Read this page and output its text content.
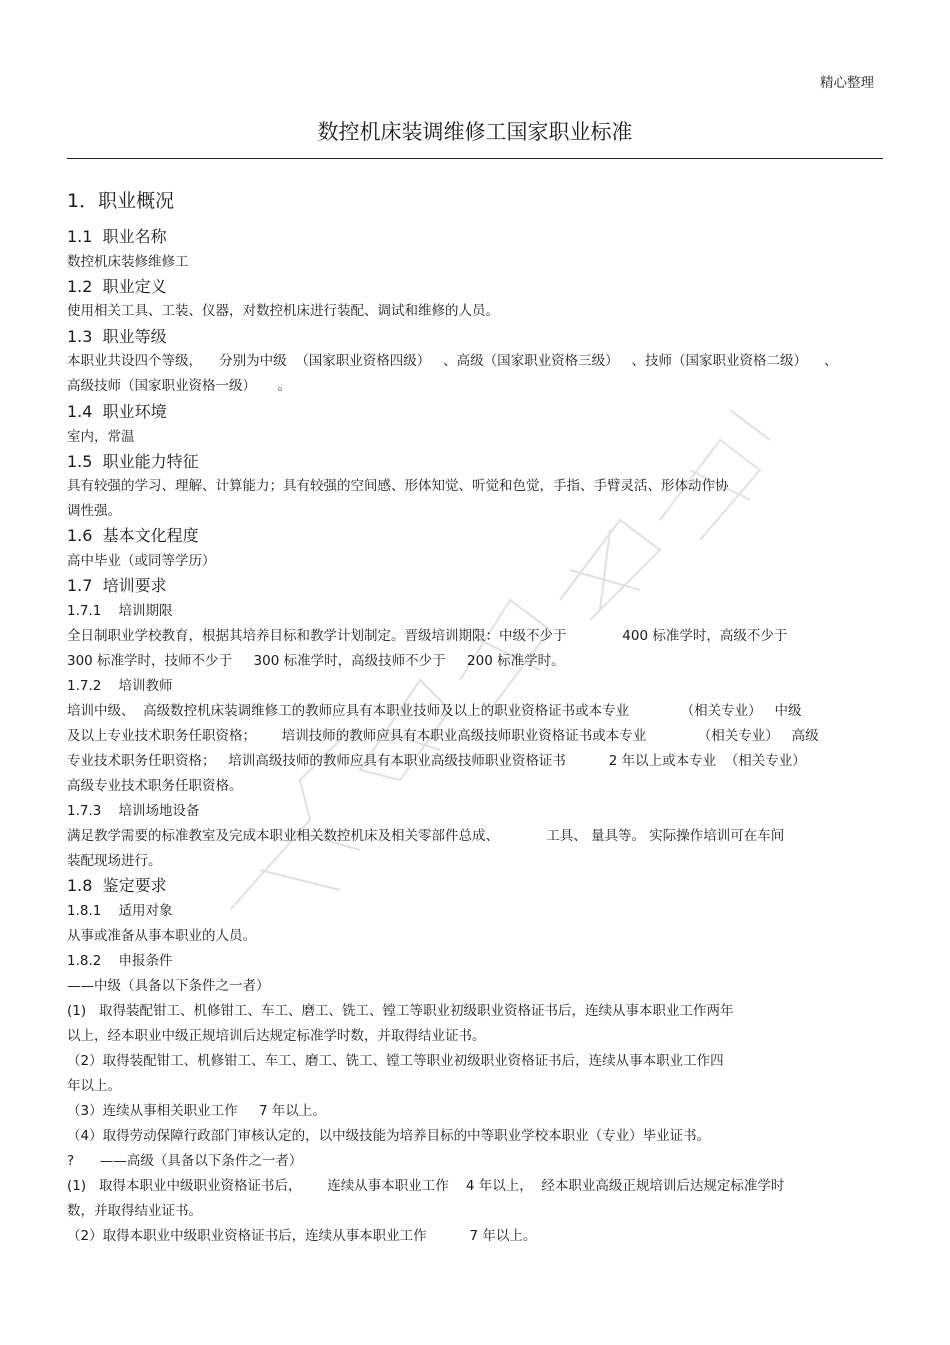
精心整理
数控机床装调维修工国家职业标准
1．职业概况
1.1  职业名称
数控机床装修维修工
1.2  职业定义
使用相关工具、工装、仪器，对数控机床进行装配、调试和维修的人员。
1.3  职业等级
本职业共设四个等级，    分别为中级  （国家职业资格四级）   、高级（国家职业资格三级）   、技师（国家职业资格二级）    、
高级技师（国家职业资格一级）     。
1.4  职业环境
室内，常温
1.5  职业能力特征
具有较强的学习、理解、计算能力；具有较强的空间感、形体知觉、听觉和色觉，手指、手臂灵活、形体动作协
调性强。
1.6  基本文化程度
高中毕业（或同等学历）
1.7  培训要求
1.7.1    培训期限
全日制职业学校教育，根据其培养目标和教学计划制定。晋级培训期限：中级不少于             400 标准学时，高级不少于
300 标准学时，技师不少于     300 标准学时，高级技师不少于     200 标准学时。
1.7.2    培训教师
培训中级、  高级数控机床装调维修工的教师应具有本职业技师及以上的职业资格证书或本专业            （相关专业）   中级
及以上专业技术职务任职资格；      培训技师的教师应具有本职业高级技师职业资格证书或本专业            （相关专业）   高级
专业技术职务任职资格；   培训高级技师的教师应具有本职业高级技师职业资格证书          2 年以上或本专业  （相关专业）
高级专业技术职务任职资格。
1.7.3    培训场地设备
满足教学需要的标准教室及完成本职业相关数控机床及相关零部件总成、           工具、 量具等。 实际操作培训可在车间
装配现场进行。
1.8  鉴定要求
1.8.1    适用对象
从事或准备从事本职业的人员。
1.8.2    申报条件
——中级（具备以下条件之一者）
(1)   取得装配钳工、机修钳工、车工、磨工、铣工、镗工等职业初级职业资格证书后，连续从事本职业工作两年
以上，经本职业中级正规培训后达规定标准学时数，并取得结业证书。
（2）取得装配钳工、机修钳工、车工、磨工、铣工、镗工等职业初级职业资格证书后，连续从事本职业工作四
年以上。
（3）连续从事相关职业工作     7 年以上。
（4）取得劳动保障行政部门审核认定的，以中级技能为培养目标的中等职业学校本职业（专业）毕业证书。
?      ——高级（具备以下条件之一者）
(1)   取得本职业中级职业资格证书后，      连续从事本职业工作    4 年以上，  经本职业高级正规培训后达规定标准学时
数，并取得结业证书。
（2）取得本职业中级职业资格证书后，连续从事本职业工作          7 年以上。
